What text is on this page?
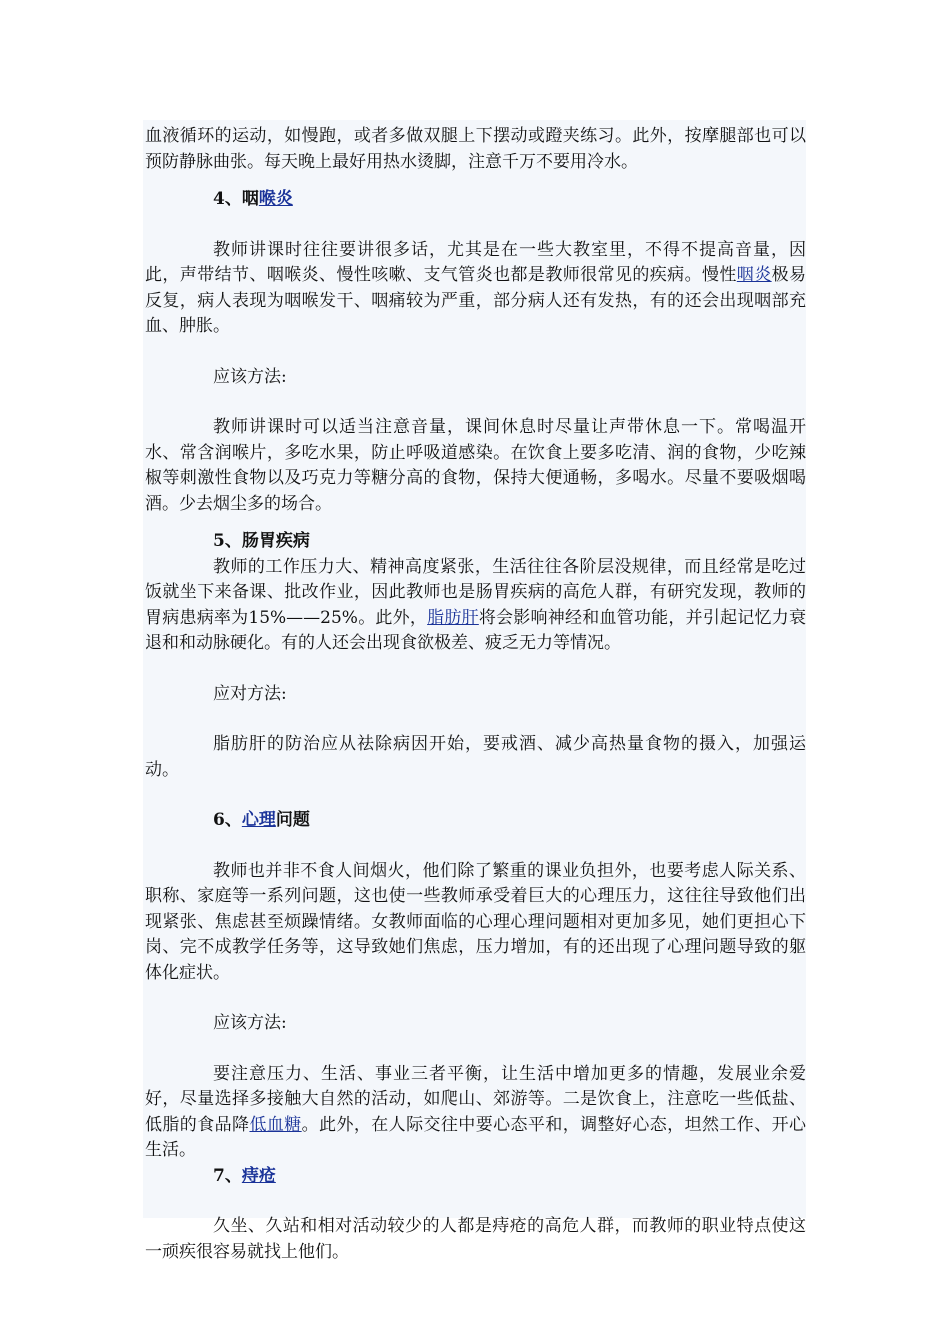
血液循环的运动，如慢跑，或者多做双腿上下摆动或蹬夹练习。此外，按摩腿部也可以预防静脉曲张。每天晚上最好用热水烫脚，注意千万不要用冷水。

4、咽喉炎

教师讲课时往往要讲很多话，尤其是在一些大教室里，不得不提高音量，因此，声带结节、咽喉炎、慢性咳嗽、支气管炎也都是教师很常见的疾病。慢性咽炎极易反复，病人表现为咽喉发干、咽痛较为严重，部分病人还有发热，有的还会出现咽部充血、肿胀。

应该方法:

教师讲课时可以适当注意音量，课间休息时尽量让声带休息一下。常喝温开水、常含润喉片，多吃水果，防止呼吸道感染。在饮食上要多吃清、润的食物，少吃辣椒等刺激性食物以及巧克力等糖分高的食物，保持大便通畅，多喝水。尽量不要吸烟喝酒。少去烟尘多的场合。

5、肠胃疾病

教师的工作压力大、精神高度紧张，生活往往各阶层没规律，而且经常是吃过饭就坐下来备课、批改作业，因此教师也是肠胃疾病的高危人群，有研究发现，教师的胃病患病率为15%——25%。此外，脂肪肝将会影响神经和血管功能，并引起记忆力衰退和和动脉硬化。有的人还会出现食欲极差、疲乏无力等情况。

应对方法:

脂肪肝的防治应从祛除病因开始，要戒酒、减少高热量食物的摄入，加强运动。

6、心理问题

教师也并非不食人间烟火，他们除了繁重的课业负担外，也要考虑人际关系、职称、家庭等一系列问题，这也使一些教师承受着巨大的心理压力，这往往导致他们出现紧张、焦虑甚至烦躁情绪。女教师面临的心理心理问题相对更加多见，她们更担心下岗、完不成教学任务等，这导致她们焦虑，压力增加，有的还出现了心理问题导致的躯体化症状。

应该方法:

要注意压力、生活、事业三者平衡，让生活中增加更多的情趣，发展业余爱好，尽量选择多接触大自然的活动，如爬山、郊游等。二是饮食上，注意吃一些低盐、低脂的食品降低血糖。此外，在人际交往中要心态平和，调整好心态，坦然工作、开心生活。

7、痔疮

久坐、久站和相对活动较少的人都是痔疮的高危人群，而教师的职业特点使这一顽疾很容易就找上他们。
